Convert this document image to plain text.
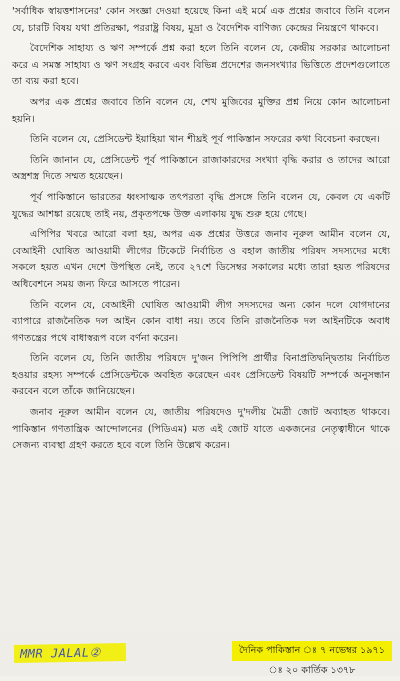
'সর্বাধিক স্বায়ত্তশাসনের' কোন সংজ্ঞা দেওয়া হয়েছে কিনা এই মর্মে এক প্রশ্নের জবাবে তিনি বলেন যে, চারটি বিষয় যথা প্রতিরক্ষা, পররাষ্ট্র বিষয়, মুদ্রা ও বৈদেশিক বাণিজ্য কেন্দ্রের নিয়ন্ত্রণে থাকবে।

বৈদেশিক সাহায্য ও ঋণ সম্পর্কে প্রশ্ন করা হলে তিনি বলেন যে, কেন্দ্রীয় সরকার আলোচনা করে এ সমস্ত সাহায্য ও ঋণ সংগ্রহ করবে এবং বিভিন্ন প্রদেশের জনসংখ্যার ভিত্তিতে প্রদেশগুলোতে তা ব্যয় করা হবে।

অপর এক প্রশ্নের জবাবে তিনি বলেন যে, শেখ মুজিবের মুক্তির প্রশ্ন নিয়ে কোন আলোচনা হয়নি।

তিনি বলেন যে, প্রেসিডেন্ট ইয়াহিয়া খান শীঘ্রই পূর্ব পাকিস্তান সফরের কথা বিবেচনা করছেন।

তিনি জানান যে, প্রেসিডেন্ট পূর্ব পাকিস্তানে রাজাকারদের সংখ্যা বৃদ্ধি করার ও তাদের আরো অস্ত্রশস্ত্র দিতে সম্মত হয়েছেন।

পূর্ব পাকিস্তানে ভারতের ধ্বংসাত্মক তৎপরতা বৃদ্ধি প্রসঙ্গে তিনি বলেন যে, কেবল যে একটি যুদ্ধের আশঙ্কা রয়েছে তাই নয়, প্রকৃতপক্ষে উক্ত এলাকায় যুদ্ধ শুরু হয়ে গেছে।

এপিপির খবরে আরো বলা হয়, অপর এক প্রশ্নের উত্তরে জনাব নূরুল আমীন বলেন যে, বেআইনী ঘোষিত আওয়ামী লীগের টিকেটে নির্বাচিত ও বহাল জাতীয় পরিষদ সদস্যদের মধ্যে সকলে হয়ত এখন দেশে উপস্থিত নেই, তবে ২৭শে ডিসেম্বর সকালের মধ্যে তারা হয়ত পরিষদের অধিবেশনে সময় জন্য ফিরে আসতে পারেন।

তিনি বলেন যে, বেআইনী ঘোষিত আওয়ামী লীগ সদস্যদের অন্য কোন দলে যোগদানের ব্যাপারে রাজনৈতিক দল আইন কোন বাধা নয়। তবে তিনি রাজনৈতিক দল আইনটিকে অবাধ গণতন্ত্রের পথে বাধাস্বরূপ বলে বর্ণনা করেন।

তিনি বলেন যে, তিনি জাতীয় পরিষদে দু'জন পিপিপি প্রার্থীর বিনাপ্রতিদ্বন্দ্বিতায় নির্বাচিত হওয়ার রহস্য সম্পর্কে প্রেসিডেন্টকে অবহিত করেছেন এবং প্রেসিডেন্ট বিষয়টি সম্পর্কে অনুসন্ধান করবেন বলে তাঁকে জানিয়েছেন।

জনাব নূরুল আমীন বলেন যে, জাতীয় পরিষদেও দু'দলীয় মৈত্রী জোট অব্যাহত থাকবে। পাকিস্তান গণতান্ত্রিক আন্দোলনের (পিডিএম) মত এই জোট যাতে একজনের নেতৃত্বাধীনে থাকে সেজন্য ব্যবস্থা গ্রহণ করতে হবে বলে তিনি উল্লেখ করেন।

MMR JALAL②	দৈনিক পাকিস্তান ঃ ৭ নভেম্বর ১৯৭১ ঃ ২০ কার্তিক ১৩৭৮
